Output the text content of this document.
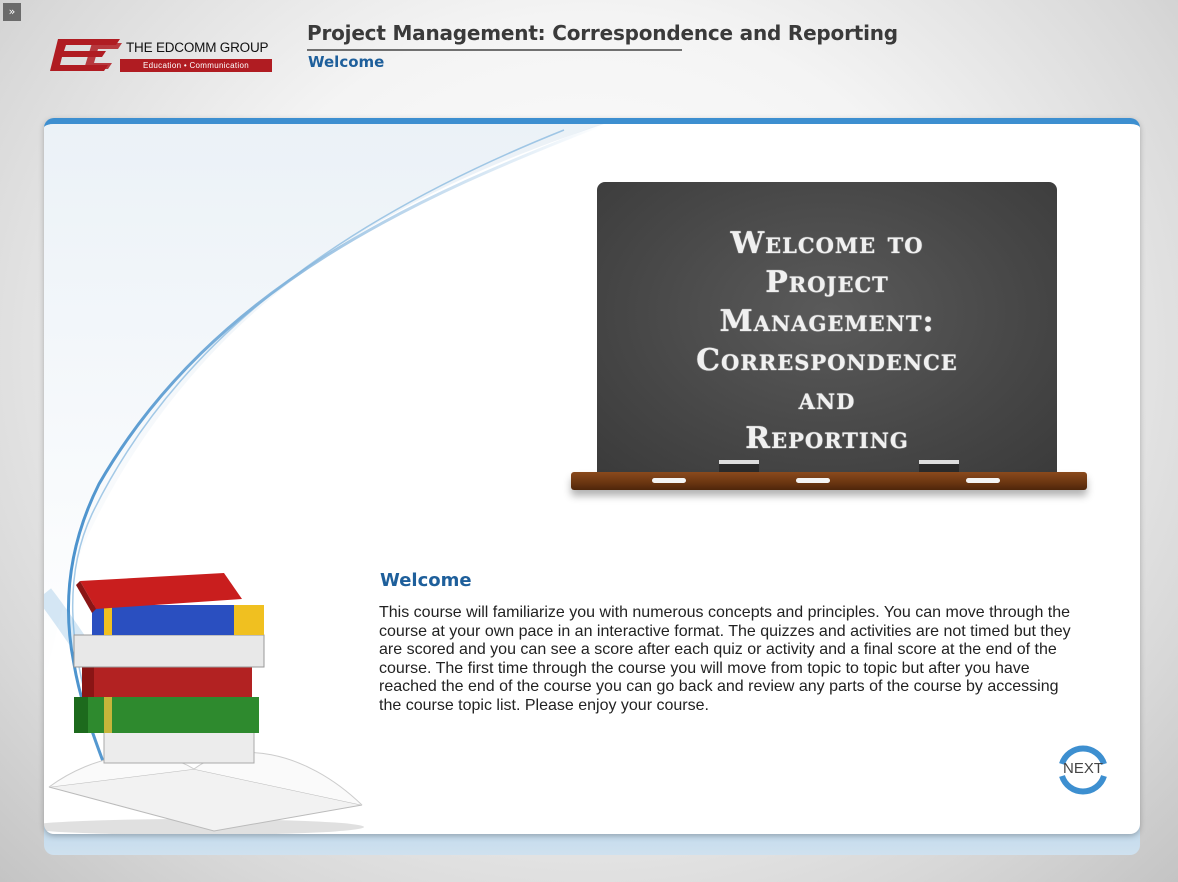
»
THE EDCOMM GROUP
Education • Communication
Project Management: Correspondence and Reporting
Welcome
Welcome to
Project
Management:
Correspondence
and
Reporting
Welcome
This course will familiarize you with numerous concepts and principles. You can move through the course at your own pace in an interactive format. The quizzes and activities are not timed but they are scored and you can see a score after each quiz or activity and a final score at the end of the course. The first time through the course you will move from topic to topic but after you have reached the end of the course you can go back and review any parts of the course by accessing the course topic list. Please enjoy your course.
NEXT
